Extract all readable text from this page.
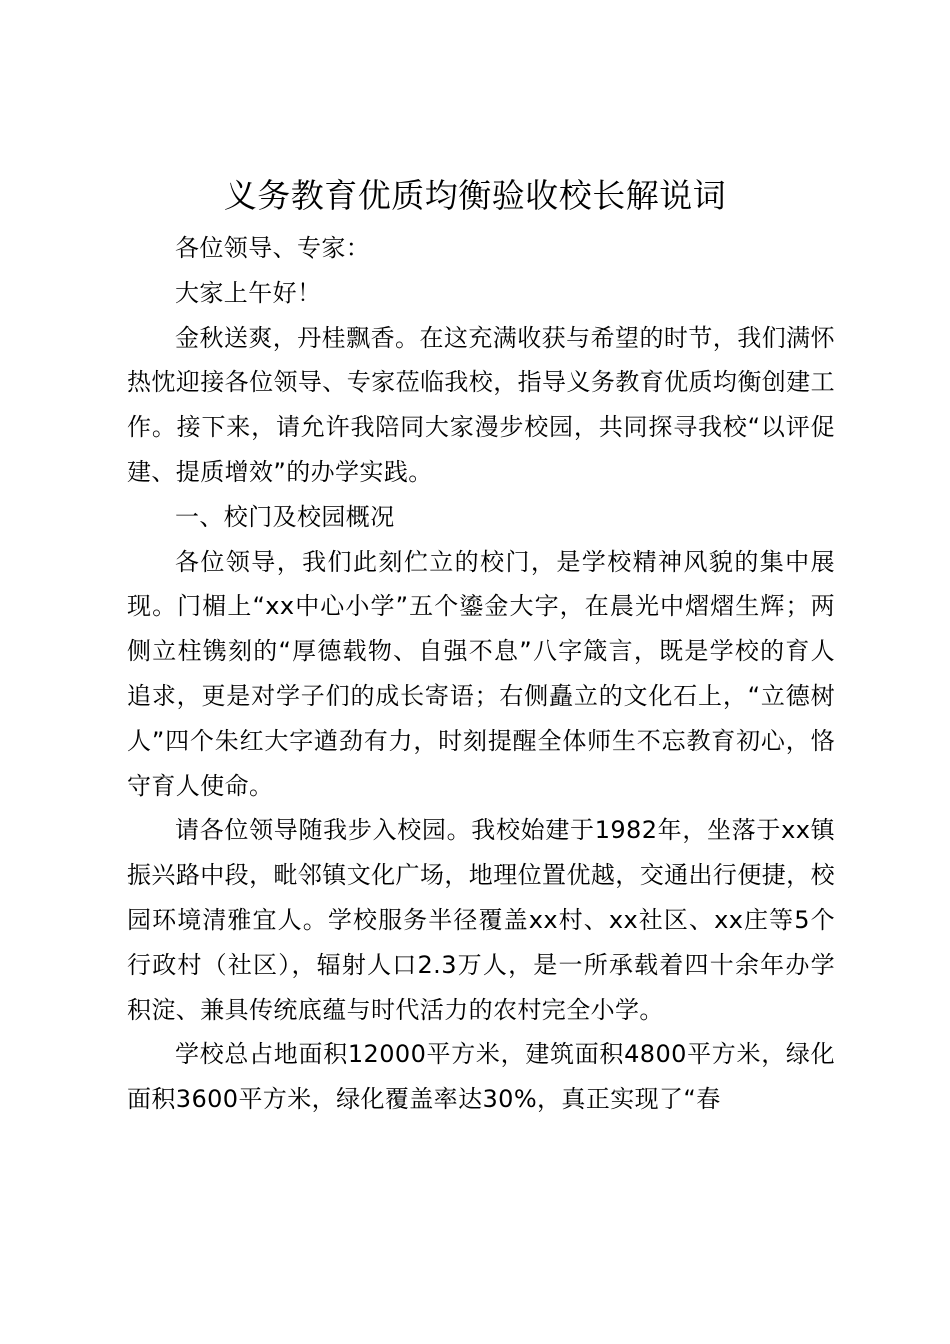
义务教育优质均衡验收校长解说词

各位领导、专家：

大家上午好！

金秋送爽，丹桂飘香。在这充满收获与希望的时节，我们满怀热忱迎接各位领导、专家莅临我校，指导义务教育优质均衡创建工作。接下来，请允许我陪同大家漫步校园，共同探寻我校“以评促建、提质增效”的办学实践。

一、校门及校园概况

各位领导，我们此刻伫立的校门，是学校精神风貌的集中展现。门楣上“xx中心小学”五个鎏金大字，在晨光中熠熠生辉；两侧立柱镌刻的“厚德载物、自强不息”八字箴言，既是学校的育人追求，更是对学子们的成长寄语；右侧矗立的文化石上，“立德树人”四个朱红大字遒劲有力，时刻提醒全体师生不忘教育初心，恪守育人使命。

请各位领导随我步入校园。我校始建于1982年，坐落于xx镇振兴路中段，毗邻镇文化广场，地理位置优越，交通出行便捷，校园环境清雅宜人。学校服务半径覆盖xx村、xx社区、xx庄等5个行政村（社区），辐射人口2.3万人，是一所承载着四十余年办学积淀、兼具传统底蕴与时代活力的农村完全小学。

学校总占地面积12000平方米，建筑面积4800平方米，绿化面积3600平方米，绿化覆盖率达30%，真正实现了“春
